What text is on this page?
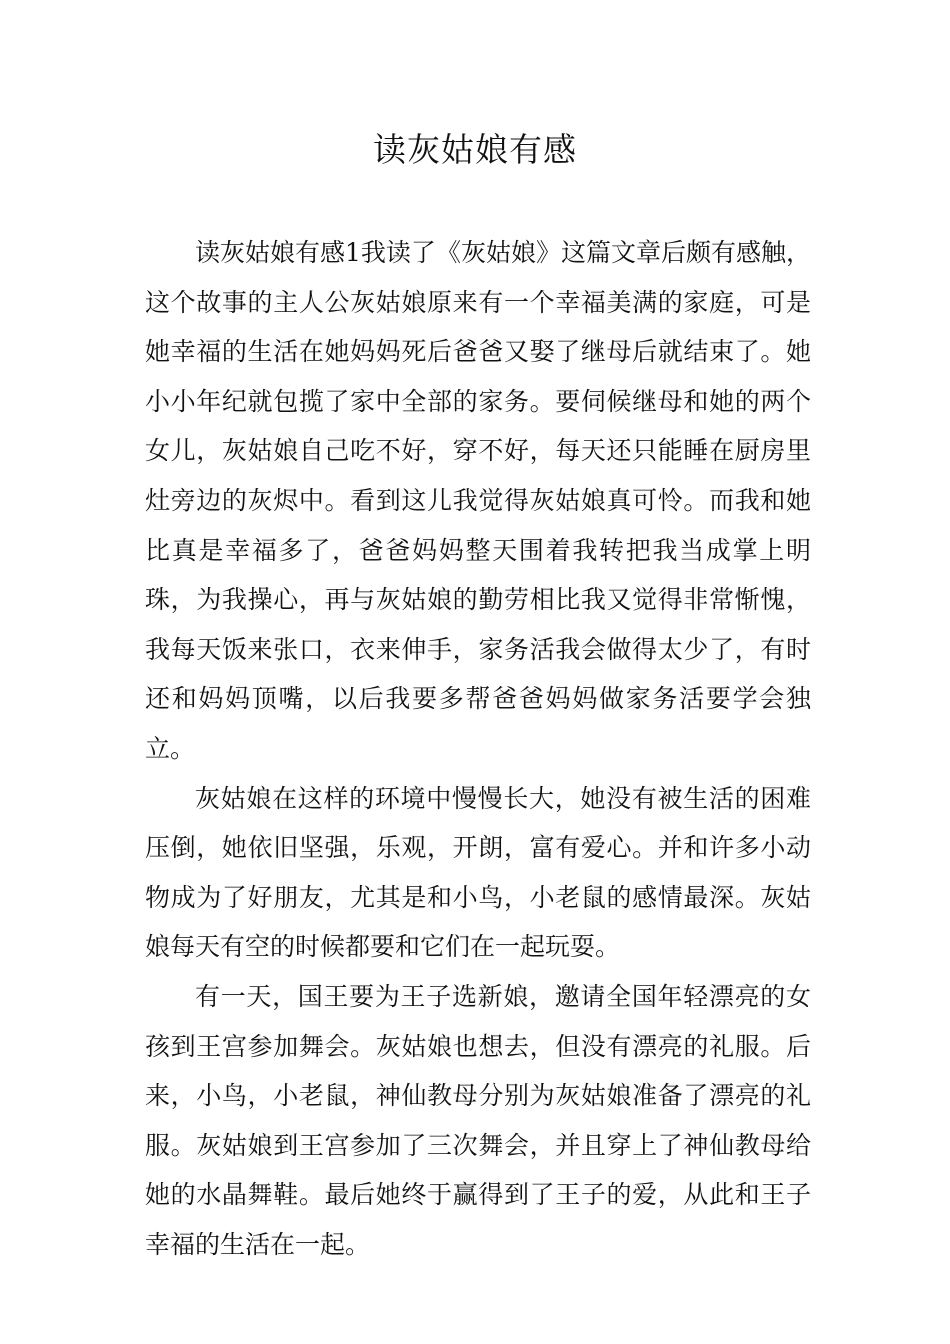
读灰姑娘有感

读灰姑娘有感1我读了《灰姑娘》这篇文章后颇有感触，这个故事的主人公灰姑娘原来有一个幸福美满的家庭，可是她幸福的生活在她妈妈死后爸爸又娶了继母后就结束了。她小小年纪就包揽了家中全部的家务。要伺候继母和她的两个女儿，灰姑娘自己吃不好，穿不好，每天还只能睡在厨房里灶旁边的灰烬中。看到这儿我觉得灰姑娘真可怜。而我和她比真是幸福多了，爸爸妈妈整天围着我转把我当成掌上明珠，为我操心，再与灰姑娘的勤劳相比我又觉得非常惭愧，我每天饭来张口，衣来伸手，家务活我会做得太少了，有时还和妈妈顶嘴，以后我要多帮爸爸妈妈做家务活要学会独立。

灰姑娘在这样的环境中慢慢长大，她没有被生活的困难压倒，她依旧坚强，乐观，开朗，富有爱心。并和许多小动物成为了好朋友，尤其是和小鸟，小老鼠的感情最深。灰姑娘每天有空的时候都要和它们在一起玩耍。

有一天，国王要为王子选新娘，邀请全国年轻漂亮的女孩到王宫参加舞会。灰姑娘也想去，但没有漂亮的礼服。后来，小鸟，小老鼠，神仙教母分别为灰姑娘准备了漂亮的礼服。灰姑娘到王宫参加了三次舞会，并且穿上了神仙教母给她的水晶舞鞋。最后她终于赢得到了王子的爱，从此和王子幸福的生活在一起。
